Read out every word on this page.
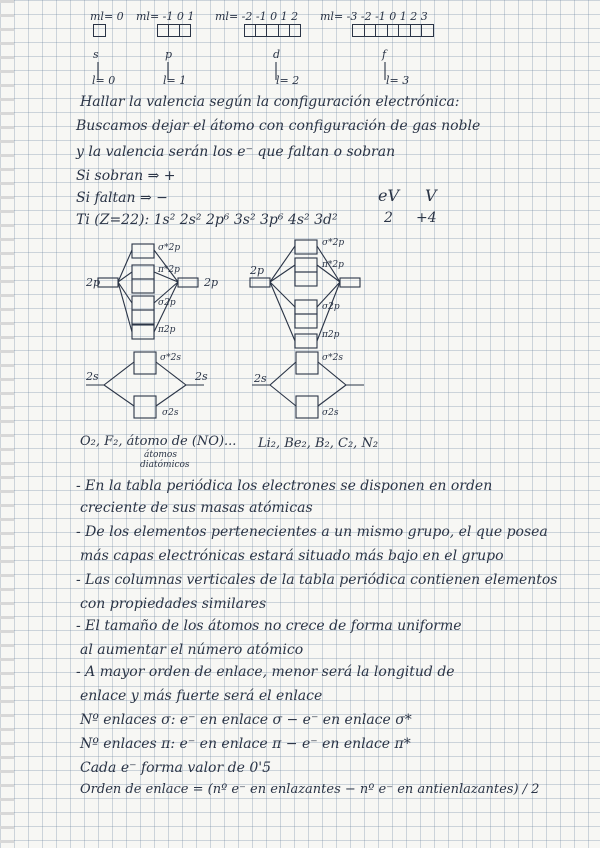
ml= 0
s
l= 0
ml= -1 0 1
p
l= 1
ml= -2 -1 0 1 2
d
l= 2
ml= -3 -2 -1 0 1 2 3
f
l= 3
Hallar la valencia según la configuración electrónica:
Buscamos dejar el átomo con configuración de gas noble
y la valencia serán los e⁻ que faltan o sobran
Si sobran ⇒ +
Si faltan ⇒ −
Ti (Z=22): 1s² 2s² 2p⁶ 3s² 3p⁶ 4s² 3d²
eV V
2 +4
σ*2p
π*2p
σ2p
π2p
σ*2s
σ2s
2p	2p
2s	2s
σ*2p
π*2p
σ2p
π2p
σ*2s
σ2s
2p
2s
O₂, F₂, átomo de (NO)...
átomos
diatómicos
Li₂, Be₂, B₂, C₂, N₂
- En la tabla periódica los electrones se disponen en orden
creciente de sus masas atómicas
- De los elementos pertenecientes a un mismo grupo, el que posea
más capas electrónicas estará situado más bajo en el grupo
- Las columnas verticales de la tabla periódica contienen elementos
con propiedades similares
- El tamaño de los átomos no crece de forma uniforme
al aumentar el número atómico
- A mayor orden de enlace, menor será la longitud de
enlace y más fuerte será el enlace
Nº enlaces σ: e⁻ en enlace σ − e⁻ en enlace σ*
Nº enlaces π: e⁻ en enlace π − e⁻ en enlace π*
Cada e⁻ forma valor de 0'5
Orden de enlace = (nº e⁻ en enlazantes − nº e⁻ en antienlazantes) / 2
